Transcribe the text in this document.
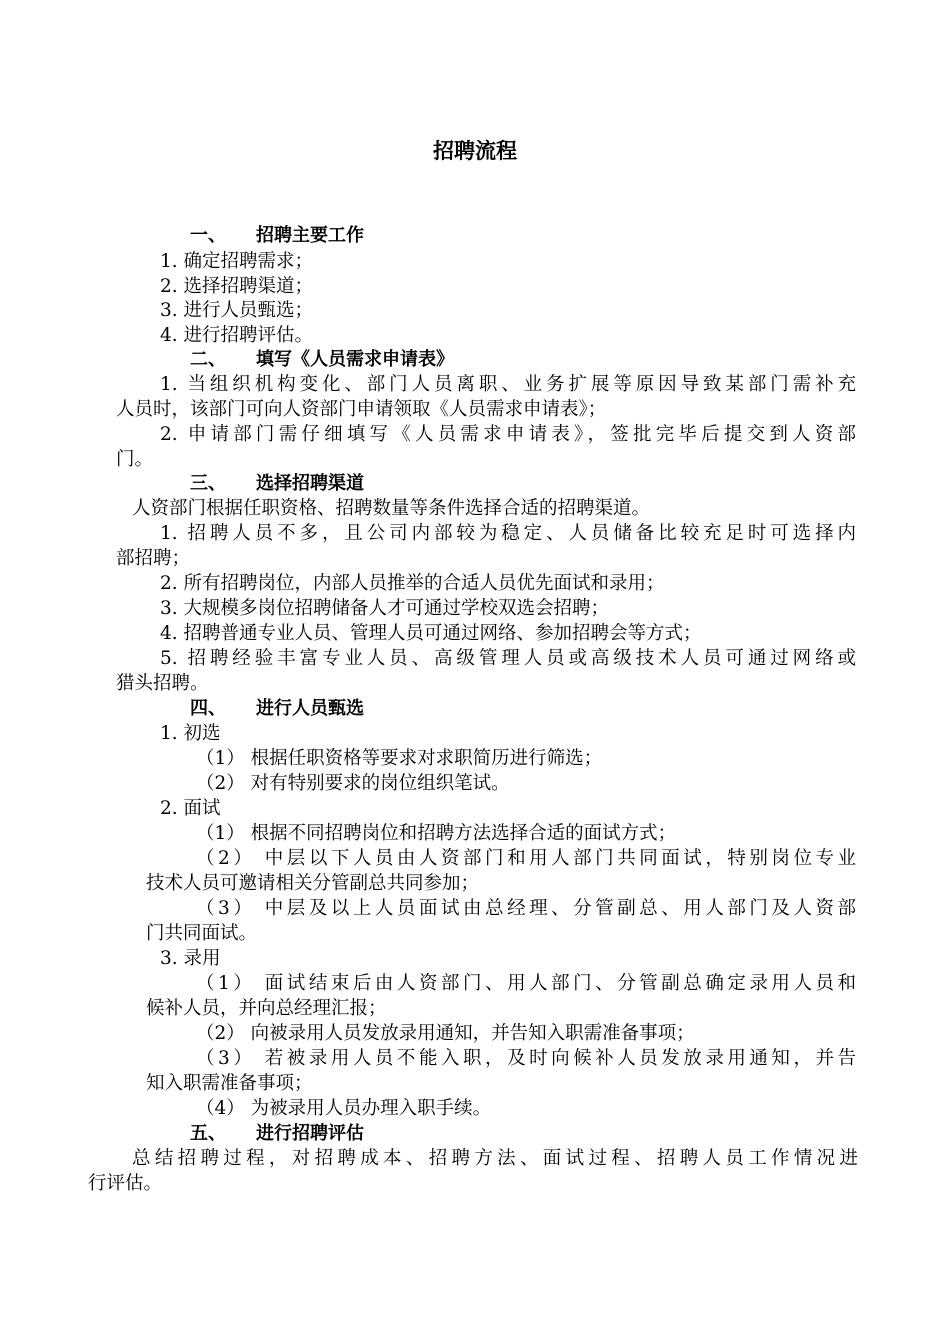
招聘流程
一、 招聘主要工作
1. 确定招聘需求；
2. 选择招聘渠道；
3. 进行人员甄选；
4. 进行招聘评估。
二、 填写《人员需求申请表》
1. 当组织机构变化、部门人员离职、业务扩展等原因导致某部门需补充
人员时，该部门可向人资部门申请领取《人员需求申请表》；
2. 申请部门需仔细填写《人员需求申请表》，签批完毕后提交到人资部
门。
三、 选择招聘渠道
人资部门根据任职资格、招聘数量等条件选择合适的招聘渠道。
1. 招聘人员不多，且公司内部较为稳定、人员储备比较充足时可选择内
部招聘；
2. 所有招聘岗位，内部人员推举的合适人员优先面试和录用；
3. 大规模多岗位招聘储备人才可通过学校双选会招聘；
4. 招聘普通专业人员、管理人员可通过网络、参加招聘会等方式；
5. 招聘经验丰富专业人员、高级管理人员或高级技术人员可通过网络或
猎头招聘。
四、 进行人员甄选
1. 初选
（1） 根据任职资格等要求对求职简历进行筛选；
（2） 对有特别要求的岗位组织笔试。
2. 面试
（1） 根据不同招聘岗位和招聘方法选择合适的面试方式；
（2） 中层以下人员由人资部门和用人部门共同面试，特别岗位专业
技术人员可邀请相关分管副总共同参加；
（3） 中层及以上人员面试由总经理、分管副总、用人部门及人资部
门共同面试。
3. 录用
（1） 面试结束后由人资部门、用人部门、分管副总确定录用人员和
候补人员，并向总经理汇报；
（2） 向被录用人员发放录用通知，并告知入职需准备事项；
（3） 若被录用人员不能入职，及时向候补人员发放录用通知，并告
知入职需准备事项；
（4） 为被录用人员办理入职手续。
五、 进行招聘评估
总结招聘过程，对招聘成本、招聘方法、面试过程、招聘人员工作情况进
行评估。
